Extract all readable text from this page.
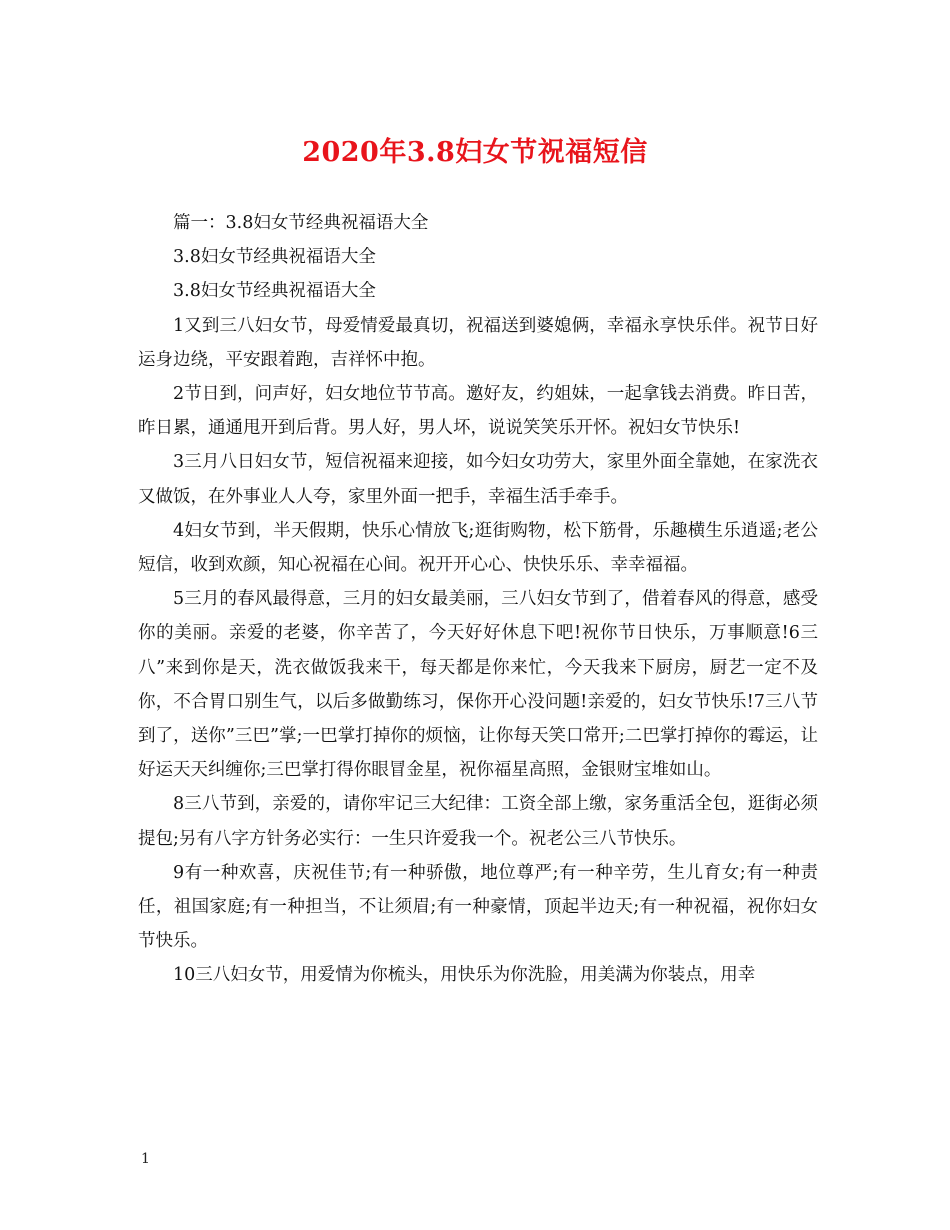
2020年3.8妇女节祝福短信

篇一：3.8妇女节经典祝福语大全

3.8妇女节经典祝福语大全

3.8妇女节经典祝福语大全

1又到三八妇女节，母爱情爱最真切，祝福送到婆媳俩，幸福永享快乐伴。祝节日好运身边绕，平安跟着跑，吉祥怀中抱。

2节日到，问声好，妇女地位节节高。邀好友，约姐妹，一起拿钱去消费。昨日苦，昨日累，通通甩开到后背。男人好，男人坏，说说笑笑乐开怀。祝妇女节快乐!

3三月八日妇女节，短信祝福来迎接，如今妇女功劳大，家里外面全靠她，在家洗衣又做饭，在外事业人人夸，家里外面一把手，幸福生活手牵手。

4妇女节到，半天假期，快乐心情放飞;逛街购物，松下筋骨，乐趣横生乐逍遥;老公短信，收到欢颜，知心祝福在心间。祝开开心心、快快乐乐、幸幸福福。

5三月的春风最得意，三月的妇女最美丽，三八妇女节到了，借着春风的得意，感受你的美丽。亲爱的老婆，你辛苦了，今天好好休息下吧!祝你节日快乐，万事顺意!6三八”来到你是天，洗衣做饭我来干，每天都是你来忙，今天我来下厨房，厨艺一定不及你，不合胃口别生气，以后多做勤练习，保你开心没问题!亲爱的，妇女节快乐!7三八节到了，送你”三巴”掌;一巴掌打掉你的烦恼，让你每天笑口常开;二巴掌打掉你的霉运，让好运天天纠缠你;三巴掌打得你眼冒金星，祝你福星高照，金银财宝堆如山。

8三八节到，亲爱的，请你牢记三大纪律：工资全部上缴，家务重活全包，逛街必须提包;另有八字方针务必实行：一生只许爱我一个。祝老公三八节快乐。

9有一种欢喜，庆祝佳节;有一种骄傲，地位尊严;有一种辛劳，生儿育女;有一种责任，祖国家庭;有一种担当，不让须眉;有一种豪情，顶起半边天;有一种祝福，祝你妇女节快乐。

10三八妇女节，用爱情为你梳头，用快乐为你洗脸，用美满为你装点，用幸

1
